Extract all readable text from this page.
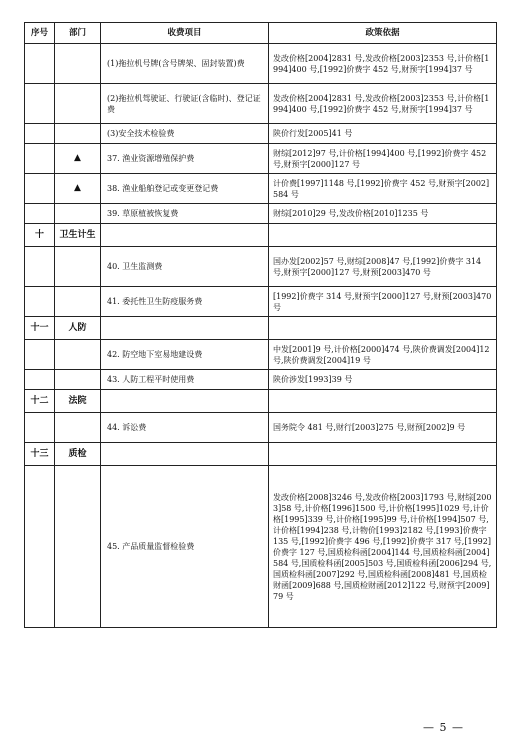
序号	部门	收费项目	政策依据
		(1)拖拉机号牌(含号牌架、固封装置)费	发改价格[2004]2831 号,发改价格[2003]2353 号,计价格[1994]400 号,[1992]价费字 452 号,财预字[1994]37 号
		(2)拖拉机驾驶证、行驶证(含临时)、登记证费	发改价格[2004]2831 号,发改价格[2003]2353 号,计价格[1994]400 号,[1992]价费字 452 号,财预字[1994]37 号
		(3)安全技术检验费	陕价行发[2005]41 号
	▲	37. 渔业资源增殖保护费	财综[2012]97 号,计价格[1994]400 号,[1992]价费字 452 号,财预字[2000]127 号
	▲	38. 渔业船舶登记或变更登记费	计价费[1997]1148 号,[1992]价费字 452 号,财预字[2002]584 号
		39. 草原植被恢复费	财综[2010]29 号,发改价格[2010]1235 号
十	卫生计生		
		40. 卫生监测费	国办发[2002]57 号,财综[2008]47 号,[1992]价费字 314 号,财预字[2000]127 号,财预[2003]470 号
		41. 委托性卫生防疫服务费	[1992]价费字 314 号,财预字[2000]127 号,财预[2003]470 号
十一	人防		
		42. 防空地下室易地建设费	中发[2001]9 号,计价格[2000]474 号,陕价费调发[2004]12 号,陕价费调发[2004]19 号
		43. 人防工程平时使用费	陕价涉发[1993]39 号
十二	法院		
		44. 诉讼费	国务院令 481 号,财行[2003]275 号,财预[2002]9 号
十三	质检		
		45. 产品质量监督检验费	发改价格[2008]3246 号,发改价格[2003]1793 号,财综[2003]58 号,计价格[1996]1500 号,计价格[1995]1029 号,计价格[1995]339 号,计价格[1995]99 号,计价格[1994]507 号,计价格[1994]238 号,计物价[1993]2182 号,[1993]价费字 135 号,[1992]价费字 496 号,[1992]价费字 317 号,[1992]价费字 127 号,国质检科函[2004]144 号,国质检科函[2004]584 号,国质检科函[2005]503 号,国质检科函[2006]294 号,国质检科函[2007]292 号,国质检科函[2008]481 号,国质检财函[2009]688 号,国质检财函[2012]122 号,财预字[2009]79 号
— 5 —
